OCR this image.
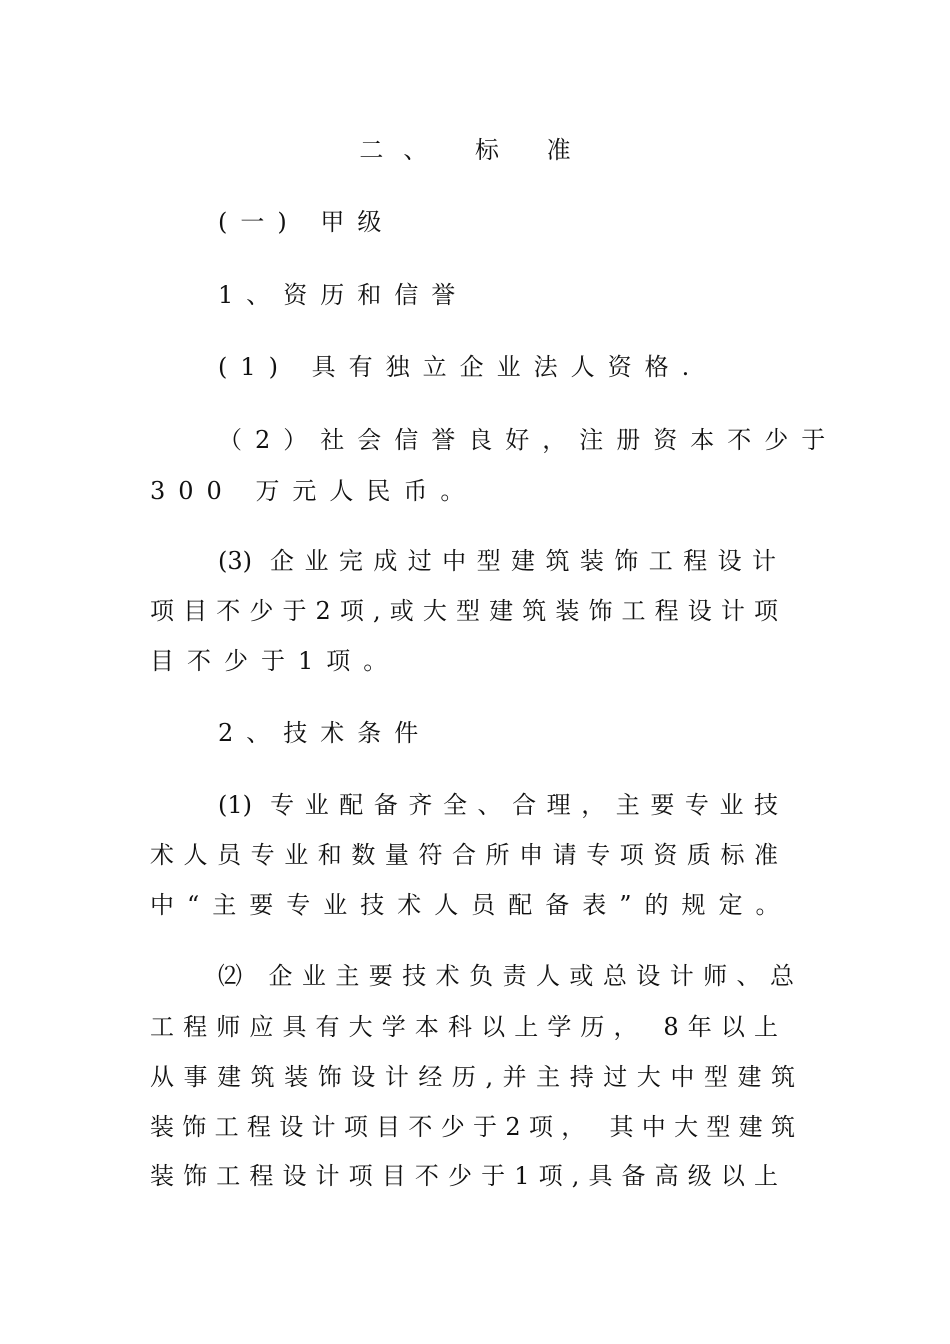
二、 标 准
(一) 甲级
1、资历和信誉
(1) 具有独立企业法人资格.
（2）社会信誉良好，注册资本不少于
300 万元人民币。
(3) 企业完成过中型建筑装饰工程设计
项目不少于2项,或大型建筑装饰工程设计项
目不少于1项。
2、技术条件
(1) 专业配备齐全、合理，主要专业技
术人员专业和数量符合所申请专项资质标准
中“主要专业技术人员配备表”的规定。
⑵ 企业主要技术负责人或总设计师、总
工程师应具有大学本科以上学历， 8年以上
从事建筑装饰设计经历,并主持过大中型建筑
装饰工程设计项目不少于2项， 其中大型建筑
装饰工程设计项目不少于1项,具备高级以上
